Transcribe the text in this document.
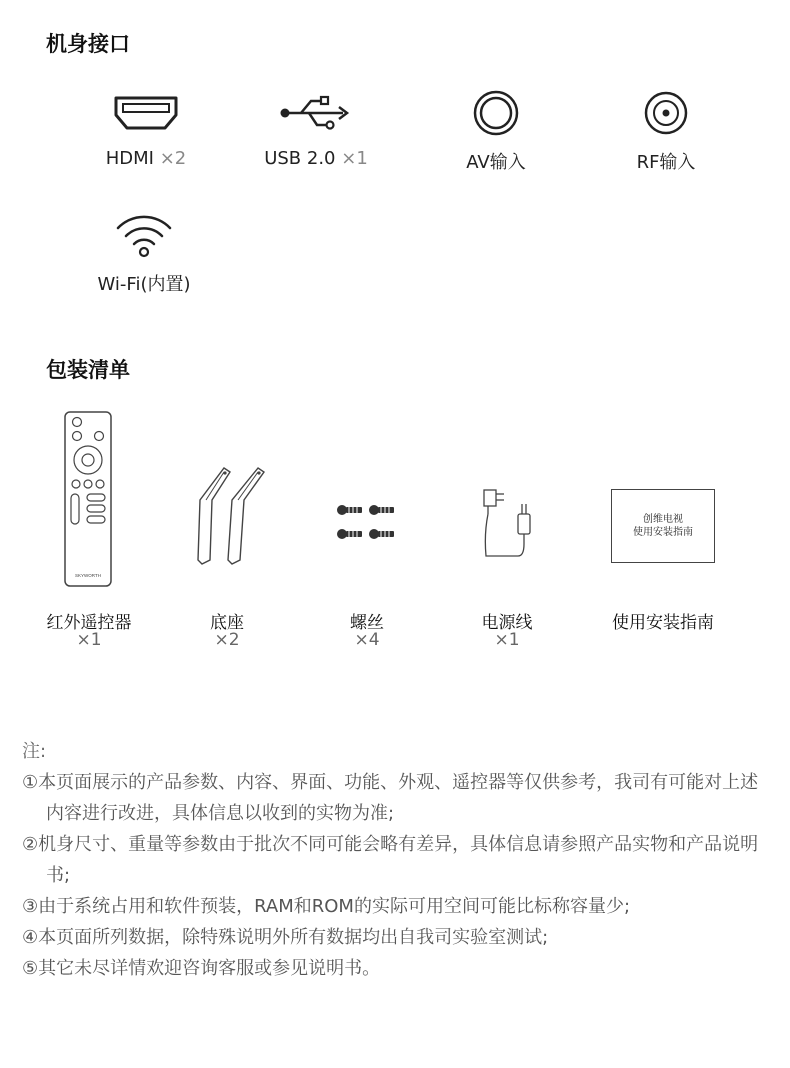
机身接口
HDMI ×2	USB 2.0 ×1	AV输入	RF输入
Wi-Fi(内置)
包装清单
SKYWORTH
创维电视
使用安装指南
红外遥控器
×1
底座
×2
螺丝
×4
电源线
×1
使用安装指南
注:
①本页面展示的产品参数、内容、界面、功能、外观、遥控器等仅供参考，我司有可能对上述内容进行改进，具体信息以收到的实物为准;
②机身尺寸、重量等参数由于批次不同可能会略有差异，具体信息请参照产品实物和产品说明书;
③由于系统占用和软件预装，RAM和ROM的实际可用空间可能比标称容量少;
④本页面所列数据，除特殊说明外所有数据均出自我司实验室测试;
⑤其它未尽详情欢迎咨询客服或参见说明书。
